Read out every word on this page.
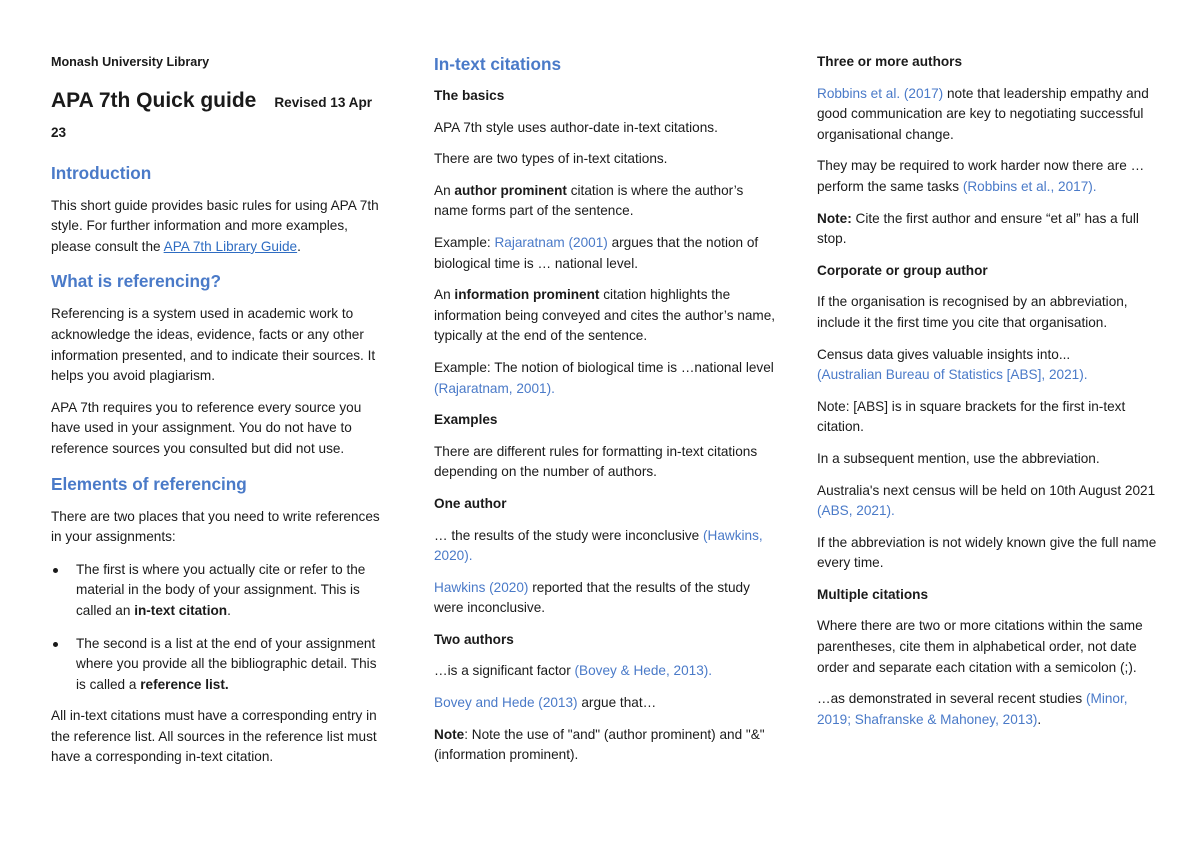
Monash University Library

APA 7th Quick guide Revised 13 Apr 23
Introduction

This short guide provides basic rules for using APA 7th style. For further information and more examples, please consult the APA 7th Library Guide.

What is referencing?

Referencing is a system used in academic work to acknowledge the ideas, evidence, facts or any other information presented, and to indicate their sources. It helps you avoid plagiarism.

APA 7th requires you to reference every source you have used in your assignment. You do not have to reference sources you consulted but did not use.

Elements of referencing

There are two places that you need to write references in your assignments:

The first is where you actually cite or refer to the material in the body of your assignment. This is called an in-text citation.
The second is a list at the end of your assignment where you provide all the bibliographic detail. This is called a reference list.

All in-text citations must have a corresponding entry in the reference list. All sources in the reference list must have a corresponding in-text citation.

In-text citations
The basics

APA 7th style uses author-date in-text citations.

There are two types of in-text citations.

An author prominent citation is where the author’s name forms part of the sentence.

Example: Rajaratnam (2001) argues that the notion of biological time is … national level.

An information prominent citation highlights the information being conveyed and cites the author’s name, typically at the end of the sentence.

Example: The notion of biological time is …national level (Rajaratnam, 2001).

Examples

There are different rules for formatting in-text citations depending on the number of authors.

One author

… the results of the study were inconclusive (Hawkins, 2020).

Hawkins (2020) reported that the results of the study were inconclusive.

Two authors

…is a significant factor (Bovey & Hede, 2013).

Bovey and Hede (2013) argue that…

Note: Note the use of "and" (author prominent) and "&" (information prominent).

Three or more authors

Robbins et al. (2017) note that leadership empathy and good communication are key to negotiating successful organisational change.

They may be required to work harder now there are … perform the same tasks (Robbins et al., 2017).

Note: Cite the first author and ensure “et al” has a full stop.

Corporate or group author

If the organisation is recognised by an abbreviation, include it the first time you cite that organisation.

Census data gives valuable insights into...
(Australian Bureau of Statistics [ABS], 2021).

Note: [ABS] is in square brackets for the first in-text citation.

In a subsequent mention, use the abbreviation.

Australia's next census will be held on 10th August 2021 (ABS, 2021).

If the abbreviation is not widely known give the full name every time.

Multiple citations

Where there are two or more citations within the same parentheses, cite them in alphabetical order, not date order and separate each citation with a semicolon (;).

…as demonstrated in several recent studies (Minor, 2019; Shafranske & Mahoney, 2013).
